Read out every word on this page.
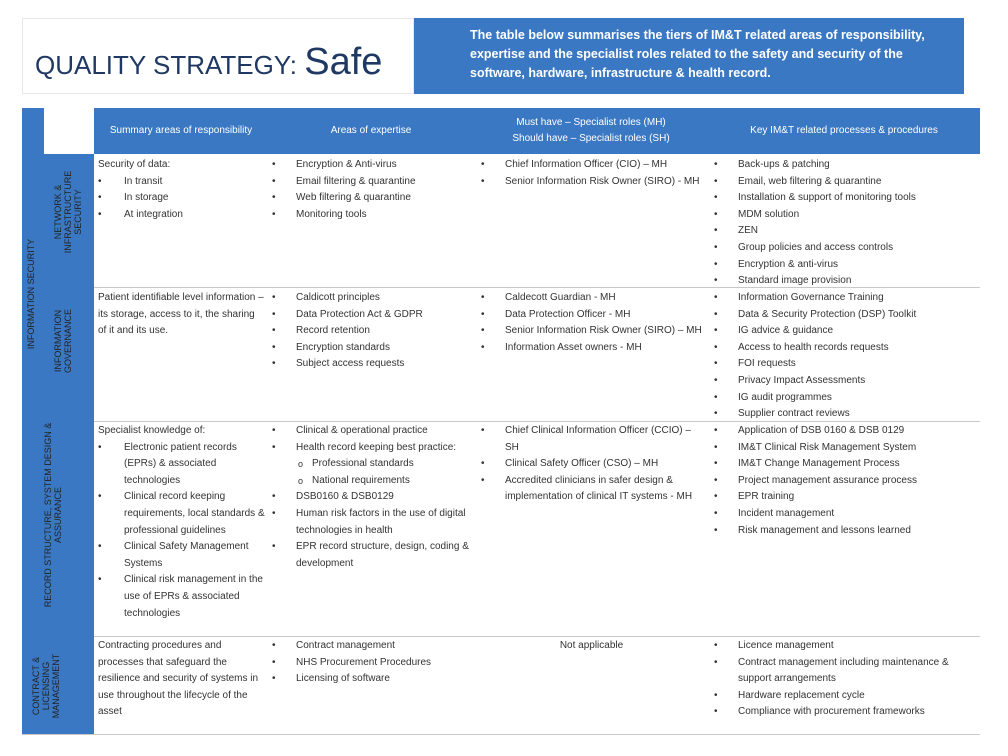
QUALITY STRATEGY: Safe
The table below summarises the tiers of IM&T related areas of responsibility, expertise and the specialist roles related to the safety and security of the software, hardware, infrastructure & health record.
INFORMATION SECURITY
NETWORK & INFRASTRUCTURE SECURITY
INFORMATION GOVERNANCE
RECORD STRUCTURE, SYSTEM DESIGN & ASSURANCE
CONTRACT & LICENSING MANAGEMENT
Summary areas of responsibility	Areas of expertise
Must have – Specialist roles (MH)
Should have – Specialist roles (SH)
Key IM&T related processes & procedures
Security of data:
• In transit
• In storage
• At integration
• Encryption & Anti-virus
• Email filtering & quarantine
• Web filtering & quarantine
• Monitoring tools
• Chief Information Officer (CIO) – MH
• Senior Information Risk Owner (SIRO) - MH
• Back-ups & patching
• Email, web filtering & quarantine
• Installation & support of monitoring tools
• MDM solution
• ZEN
• Group policies and access controls
• Encryption & anti-virus
• Standard image provision
Patient identifiable level information – its storage, access to it, the sharing of it and its use.
• Caldicott principles
• Data Protection Act & GDPR
• Record retention
• Encryption standards
• Subject access requests
• Caldecott Guardian - MH
• Data Protection Officer - MH
• Senior Information Risk Owner (SIRO) – MH
• Information Asset owners - MH
• Information Governance Training
• Data & Security Protection (DSP) Toolkit
• IG advice & guidance
• Access to health records requests
• FOI requests
• Privacy Impact Assessments
• IG audit programmes
• Supplier contract reviews
Specialist knowledge of:
• Electronic patient records (EPRs) & associated technologies
• Clinical record keeping requirements, local standards & professional guidelines
• Clinical Safety Management Systems
• Clinical risk management in the use of EPRs & associated technologies
• Clinical & operational practice
• Health record keeping best practice:
o Professional standards
o National requirements
• DSB0160 & DSB0129
• Human risk factors in the use of digital technologies in health
• EPR record structure, design, coding & development
• Chief Clinical Information Officer (CCIO) – SH
• Clinical Safety Officer (CSO) – MH
• Accredited clinicians in safer design & implementation of clinical IT systems - MH
• Application of DSB 0160 & DSB 0129
• IM&T Clinical Risk Management System
• IM&T Change Management Process
• Project management assurance process
• EPR training
• Incident management
• Risk management and lessons learned
Contracting procedures and processes that safeguard the resilience and security of systems in use throughout the lifecycle of the asset
• Contract management
• NHS Procurement Procedures
• Licensing of software
Not applicable	• Licence management
• Contract management including maintenance & support arrangements
• Hardware replacement cycle
• Compliance with procurement frameworks
